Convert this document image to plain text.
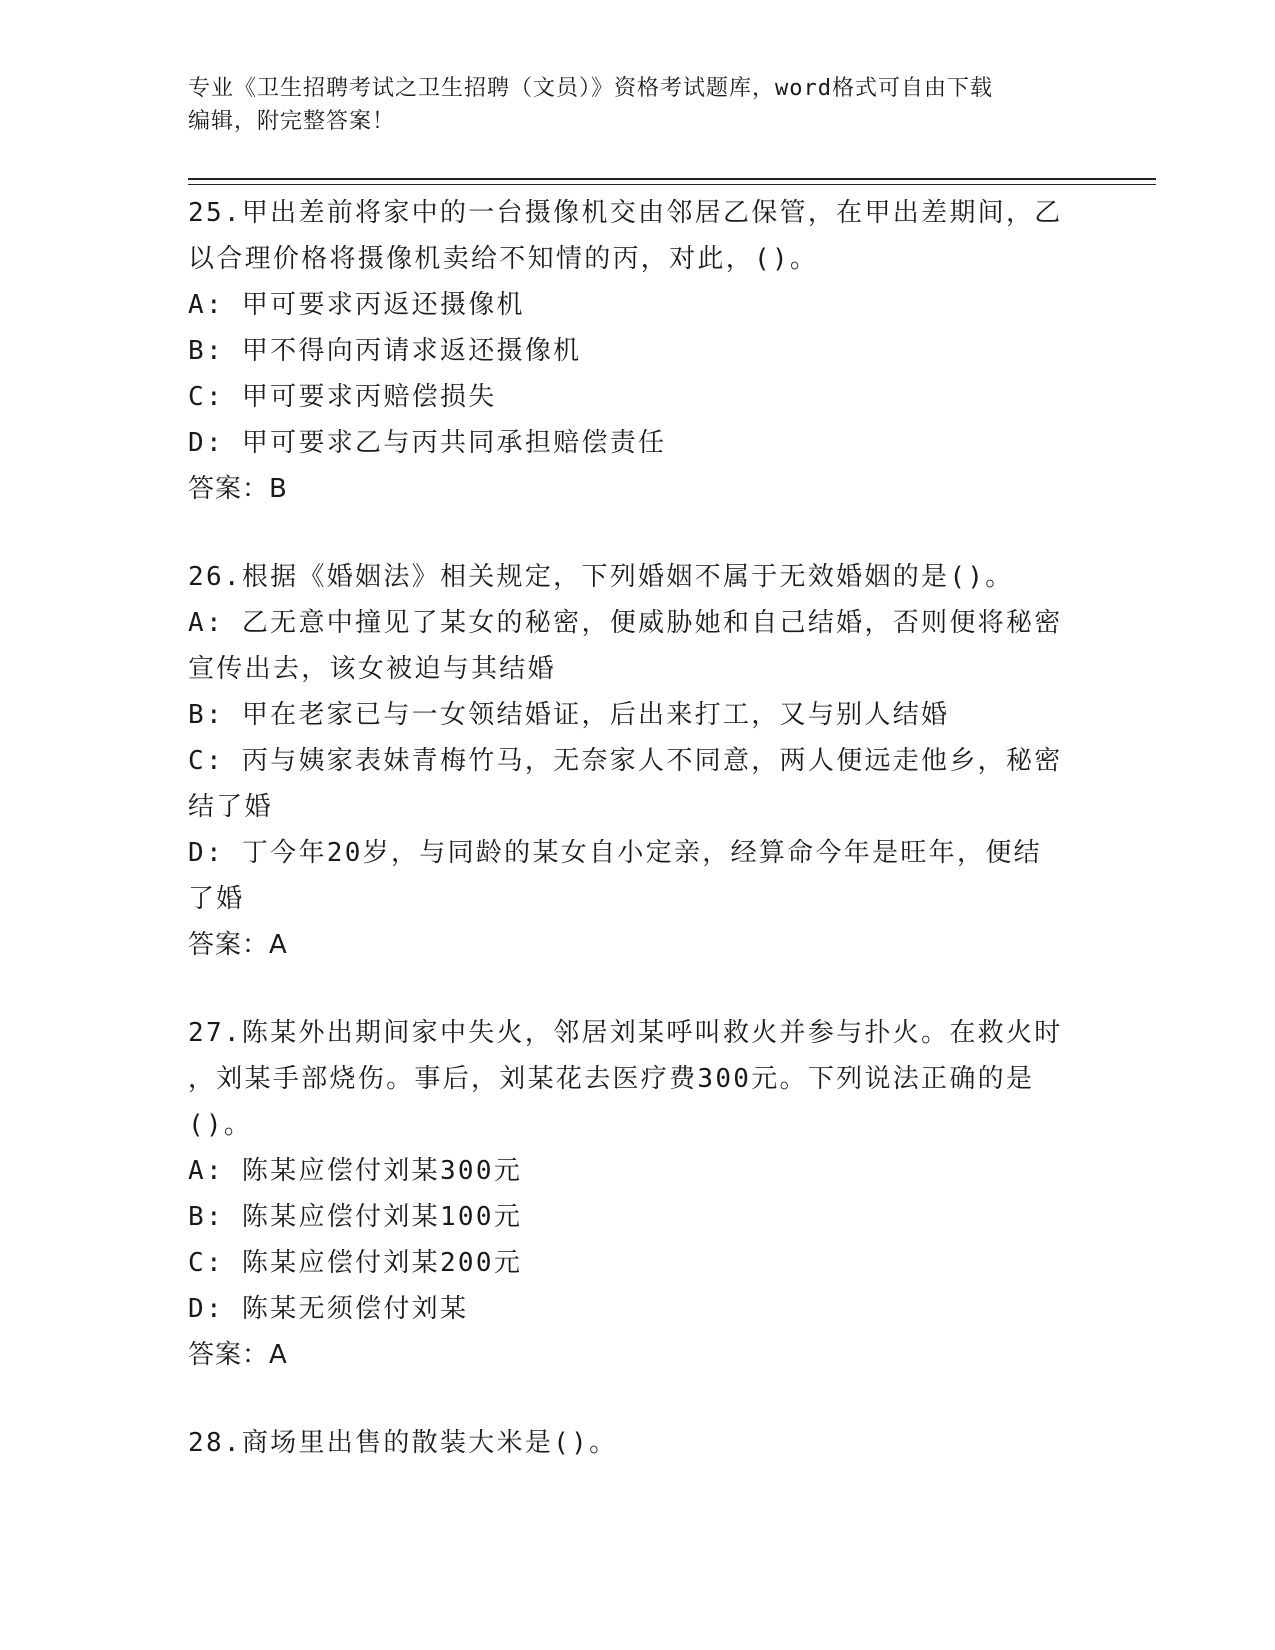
专业《卫生招聘考试之卫生招聘（文员）》资格考试题库，word格式可自由下载
编辑，附完整答案！
25.甲出差前将家中的一台摄像机交由邻居乙保管，在甲出差期间，乙
以合理价格将摄像机卖给不知情的丙，对此，()。
A: 甲可要求丙返还摄像机
B: 甲不得向丙请求返还摄像机
C: 甲可要求丙赔偿损失
D: 甲可要求乙与丙共同承担赔偿责任
答案：B
26.根据《婚姻法》相关规定，下列婚姻不属于无效婚姻的是()。
A: 乙无意中撞见了某女的秘密，便威胁她和自己结婚，否则便将秘密
宣传出去，该女被迫与其结婚
B: 甲在老家已与一女领结婚证，后出来打工，又与别人结婚
C: 丙与姨家表妹青梅竹马，无奈家人不同意，两人便远走他乡，秘密
结了婚
D: 丁今年20岁，与同龄的某女自小定亲，经算命今年是旺年，便结
了婚
答案：A
27.陈某外出期间家中失火，邻居刘某呼叫救火并参与扑火。在救火时
，刘某手部烧伤。事后，刘某花去医疗费300元。下列说法正确的是
()。
A: 陈某应偿付刘某300元
B: 陈某应偿付刘某100元
C: 陈某应偿付刘某200元
D: 陈某无须偿付刘某
答案：A
28.商场里出售的散装大米是()。
